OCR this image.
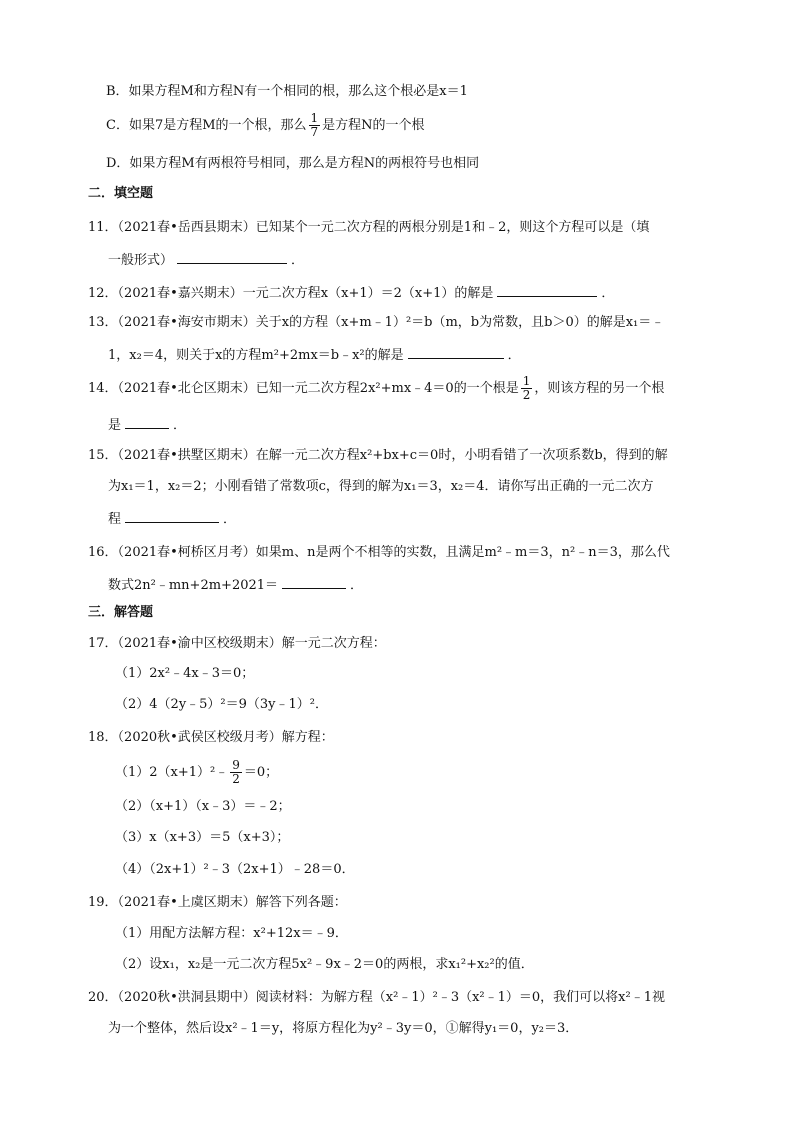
B．如果方程M和方程N有一个相同的根，那么这个根必是x＝1
C．如果7是方程M的一个根，那么 $\frac{1}{7}$ 是方程N的一个根
D．如果方程M有两根符号相同，那么是方程N的两根符号也相同
二．填空题
11．（2021春•岳西县期末）已知某个一元二次方程的两根分别是1和﹣2，则这个方程可以是（填
一般形式）	．
12．（2021春•嘉兴期末）一元二次方程x（x+1）＝2（x+1）的解是	．
13．（2021春•海安市期末）关于x的方程（x+m﹣1）²＝b（m，b为常数，且b＞0）的解是x₁＝﹣
1，x₂＝4，则关于x的方程m²+2mx＝b﹣x²的解是	．
14．（2021春•北仑区期末）已知一元二次方程2x²+mx﹣4＝0的一个根是 $\frac{1}{2}$ ，则该方程的另一个根
是	．
15．（2021春•拱墅区期末）在解一元二次方程x²+bx+c＝0时，小明看错了一次项系数b，得到的解
为x₁＝1，x₂＝2；小刚看错了常数项c，得到的解为x₁＝3，x₂＝4．请你写出正确的一元二次方
程	．
16．（2021春•柯桥区月考）如果m、n是两个不相等的实数，且满足m²﹣m＝3，n²﹣n＝3，那么代
数式2n²﹣mn+2m+2021＝	．
三．解答题
17．（2021春•渝中区校级期末）解一元二次方程：
（1）2x²﹣4x﹣3＝0；
（2）4（2y﹣5）²＝9（3y﹣1）²．
18．（2020秋•武侯区校级月考）解方程：
（1）2（x+1）²﹣ $\frac{9}{2} =0$；
（2）（x+1）（x﹣3）＝﹣2；
（3）x（x+3）＝5（x+3）；
（4）（2x+1）²﹣3（2x+1）﹣28＝0．
19．（2021春•上虞区期末）解答下列各题：
（1）用配方法解方程：x²+12x＝﹣9．
（2）设x₁，x₂是一元二次方程5x²﹣9x﹣2＝0的两根，求x₁²+x₂²的值．
20．（2020秋•洪洞县期中）阅读材料：为解方程（x²﹣1）²﹣3（x²﹣1）＝0，我们可以将x²﹣1视
为一个整体，然后设x²﹣1＝y，将原方程化为y²﹣3y＝0，①解得y₁＝0，y₂＝3．
